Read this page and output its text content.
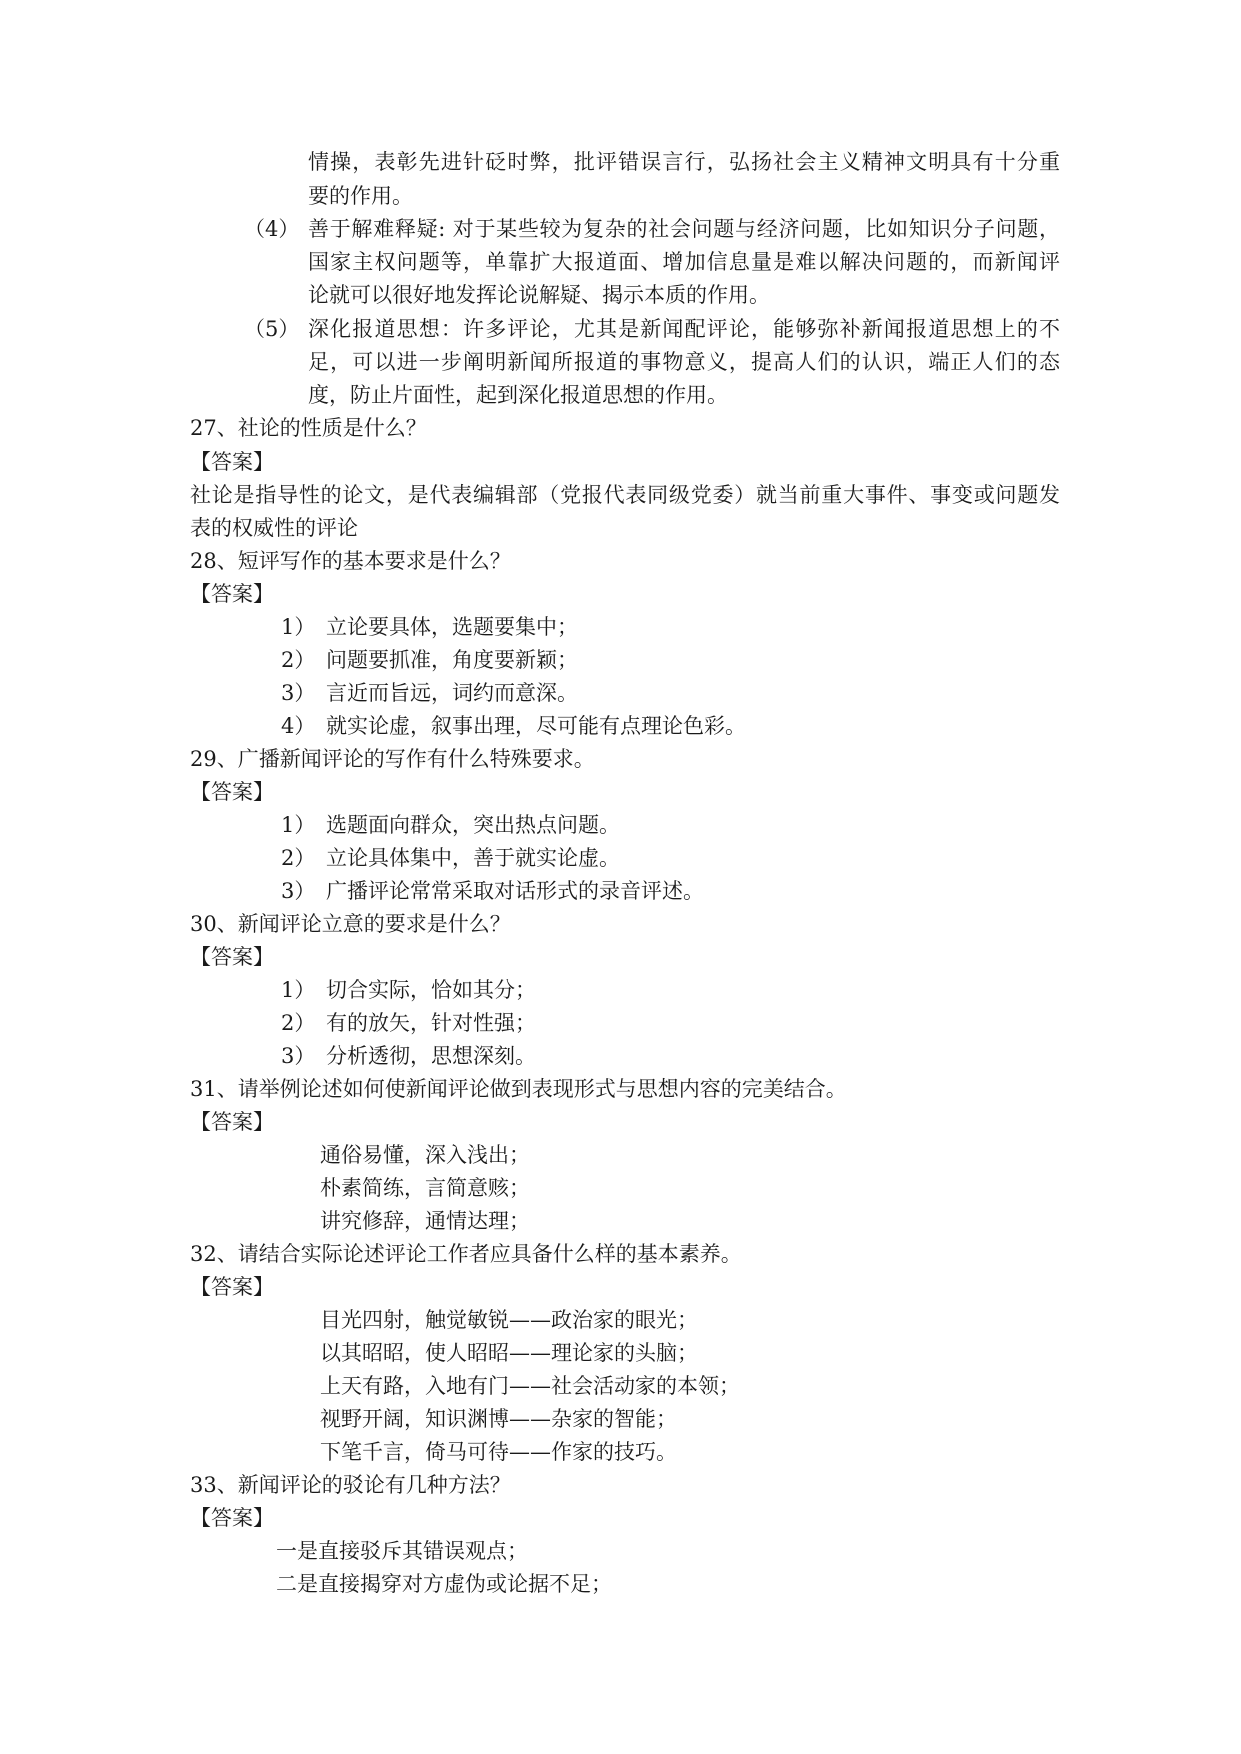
情操，表彰先进针砭时弊，批评错误言行，弘扬社会主义精神文明具有十分重
要的作用。
（4） 善于解难释疑: 对于某些较为复杂的社会问题与经济问题，比如知识分子问题，
国家主权问题等，单靠扩大报道面、增加信息量是难以解决问题的，而新闻评
论就可以很好地发挥论说解疑、揭示本质的作用。
（5） 深化报道思想：许多评论，尤其是新闻配评论，能够弥补新闻报道思想上的不
足，可以进一步阐明新闻所报道的事物意义，提高人们的认识，端正人们的态
度，防止片面性，起到深化报道思想的作用。
27、社论的性质是什么？
【答案】
社论是指导性的论文，是代表编辑部（党报代表同级党委）就当前重大事件、事变或问题发
表的权威性的评论
28、短评写作的基本要求是什么？
【答案】
1） 立论要具体，选题要集中；
2） 问题要抓准，角度要新颖；
3） 言近而旨远，词约而意深。
4） 就实论虚，叙事出理，尽可能有点理论色彩。
29、广播新闻评论的写作有什么特殊要求。
【答案】
1） 选题面向群众，突出热点问题。
2） 立论具体集中，善于就实论虚。
3） 广播评论常常采取对话形式的录音评述。
30、新闻评论立意的要求是什么？
【答案】
1） 切合实际，恰如其分；
2） 有的放矢，针对性强；
3） 分析透彻，思想深刻。
31、请举例论述如何使新闻评论做到表现形式与思想内容的完美结合。
【答案】
通俗易懂，深入浅出；
朴素简练，言简意赅；
讲究修辞，通情达理；
32、请结合实际论述评论工作者应具备什么样的基本素养。
【答案】
目光四射，触觉敏锐——政治家的眼光；
以其昭昭，使人昭昭——理论家的头脑；
上天有路，入地有门——社会活动家的本领；
视野开阔，知识渊博——杂家的智能；
下笔千言，倚马可待——作家的技巧。
33、新闻评论的驳论有几种方法？
【答案】
一是直接驳斥其错误观点；
二是直接揭穿对方虚伪或论据不足；
